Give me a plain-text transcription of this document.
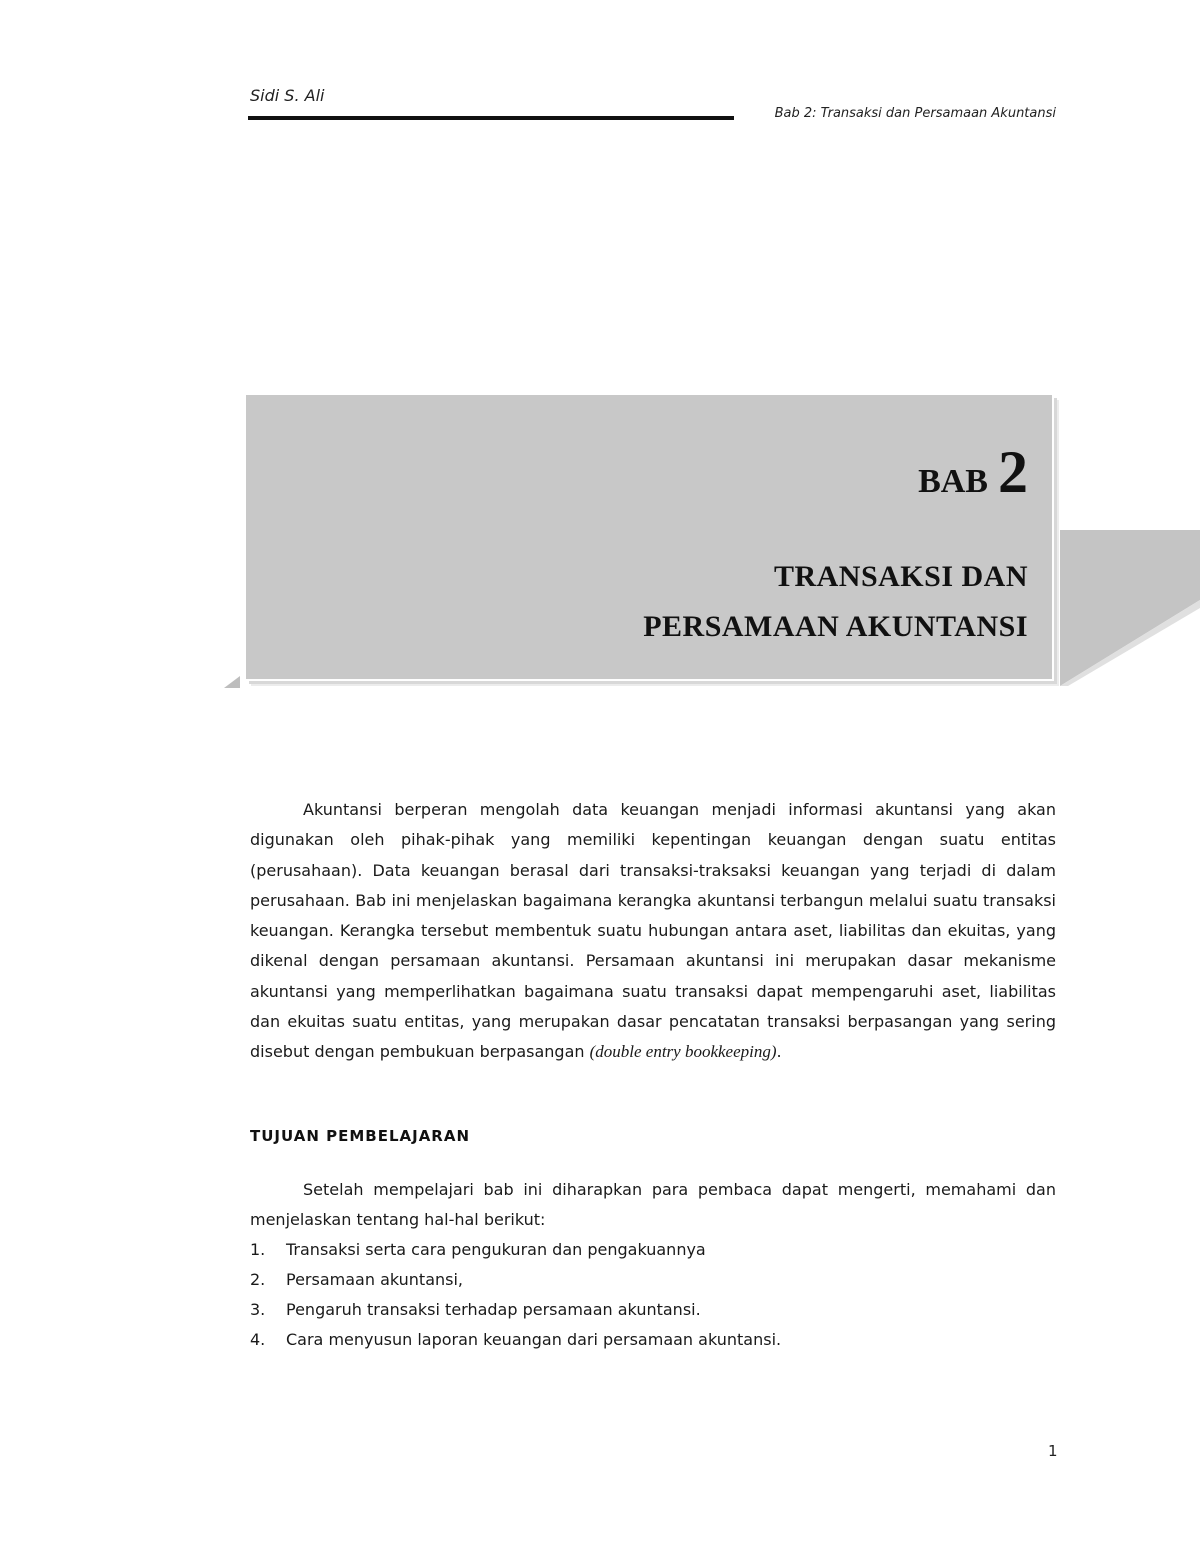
Sidi S. Ali
Bab 2: Transaksi dan Persamaan Akuntansi
BAB 2
TRANSAKSI DAN
PERSAMAAN AKUNTANSI

Akuntansi berperan mengolah data keuangan menjadi informasi akuntansi yang akan digunakan oleh pihak-pihak yang memiliki kepentingan keuangan dengan suatu entitas (perusahaan). Data keuangan berasal dari transaksi-traksaksi keuangan yang terjadi di dalam perusahaan. Bab ini menjelaskan bagaimana kerangka akuntansi terbangun melalui suatu transaksi keuangan. Kerangka tersebut membentuk suatu hubungan antara aset, liabilitas dan ekuitas, yang dikenal dengan persamaan akuntansi. Persamaan akuntansi ini merupakan dasar mekanisme akuntansi yang memperlihatkan bagaimana suatu transaksi dapat mempengaruhi aset, liabilitas dan ekuitas suatu entitas, yang merupakan dasar pencatatan transaksi berpasangan yang sering disebut dengan pembukuan berpasangan (double entry bookkeeping).

TUJUAN PEMBELAJARAN

Setelah mempelajari bab ini diharapkan para pembaca dapat mengerti, memahami dan menjelaskan tentang hal-hal berikut:

1.	Transaksi serta cara pengukuran dan pengakuannya
2.	Persamaan akuntansi,
3.	Pengaruh transaksi terhadap persamaan akuntansi.
4.	Cara menyusun laporan keuangan dari persamaan akuntansi.
1
